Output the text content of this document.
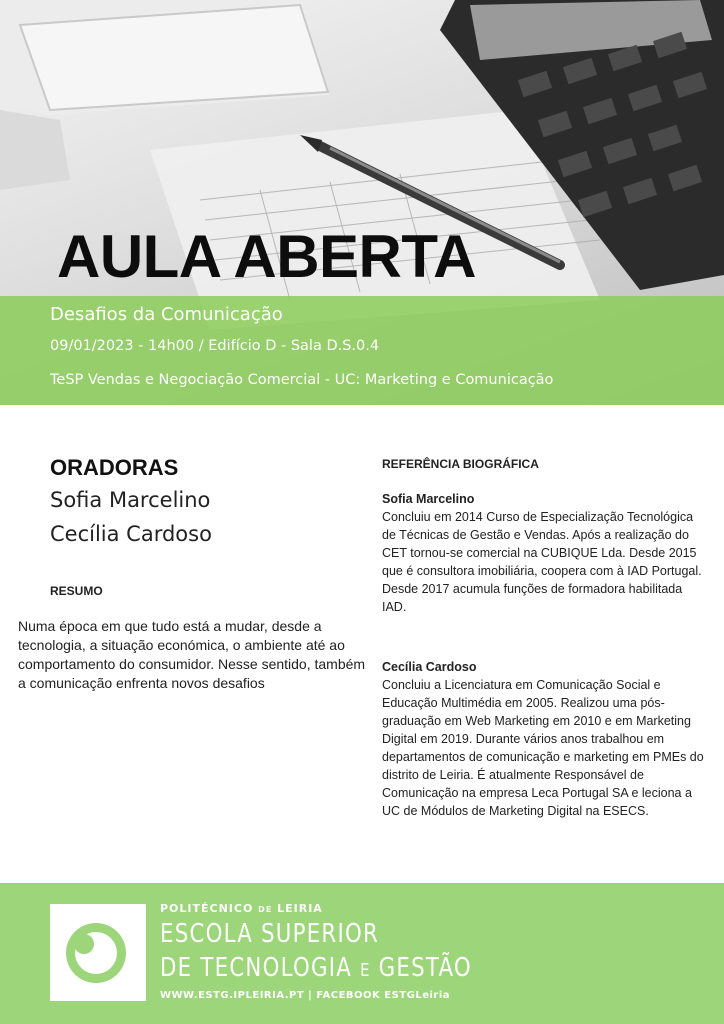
AULA ABERTA
Desafios da Comunicação
09/01/2023 - 14h00 / Edifício D - Sala D.S.0.4
TeSP Vendas e Negociação Comercial - UC: Marketing e Comunicação
ORADORAS
Sofia Marcelino
Cecília Cardoso
RESUMO

Numa época em que tudo está a mudar, desde a tecnologia, a situação económica, o ambiente até ao comportamento do consumidor. Nesse sentido, também a comunicação enfrenta novos desafios

REFERÊNCIA BIOGRÁFICA

Sofia Marcelino

Concluiu em 2014 Curso de Especialização Tecnológica de Técnicas de Gestão e Vendas. Após a realização do CET tornou-se comercial na CUBIQUE Lda. Desde 2015 que é consultora imobiliária, coopera com à IAD Portugal. Desde 2017 acumula funções de formadora habilitada IAD.

Cecília Cardoso

Concluiu a Licenciatura em Comunicação Social e Educação Multimédia em 2005. Realizou uma pós-graduação em Web Marketing em 2010 e em Marketing Digital em 2019. Durante vários anos trabalhou em departamentos de comunicação e marketing em PMEs do distrito de Leiria. É atualmente Responsável de Comunicação na empresa Leca Portugal SA e leciona a UC de Módulos de Marketing Digital na ESECS.

POLITÉCNICO DE LEIRIA
ESCOLA SUPERIOR
DE TECNOLOGIA E GESTÃO
WWW.ESTG.IPLEIRIA.PT | FACEBOOK ESTGLeiria
